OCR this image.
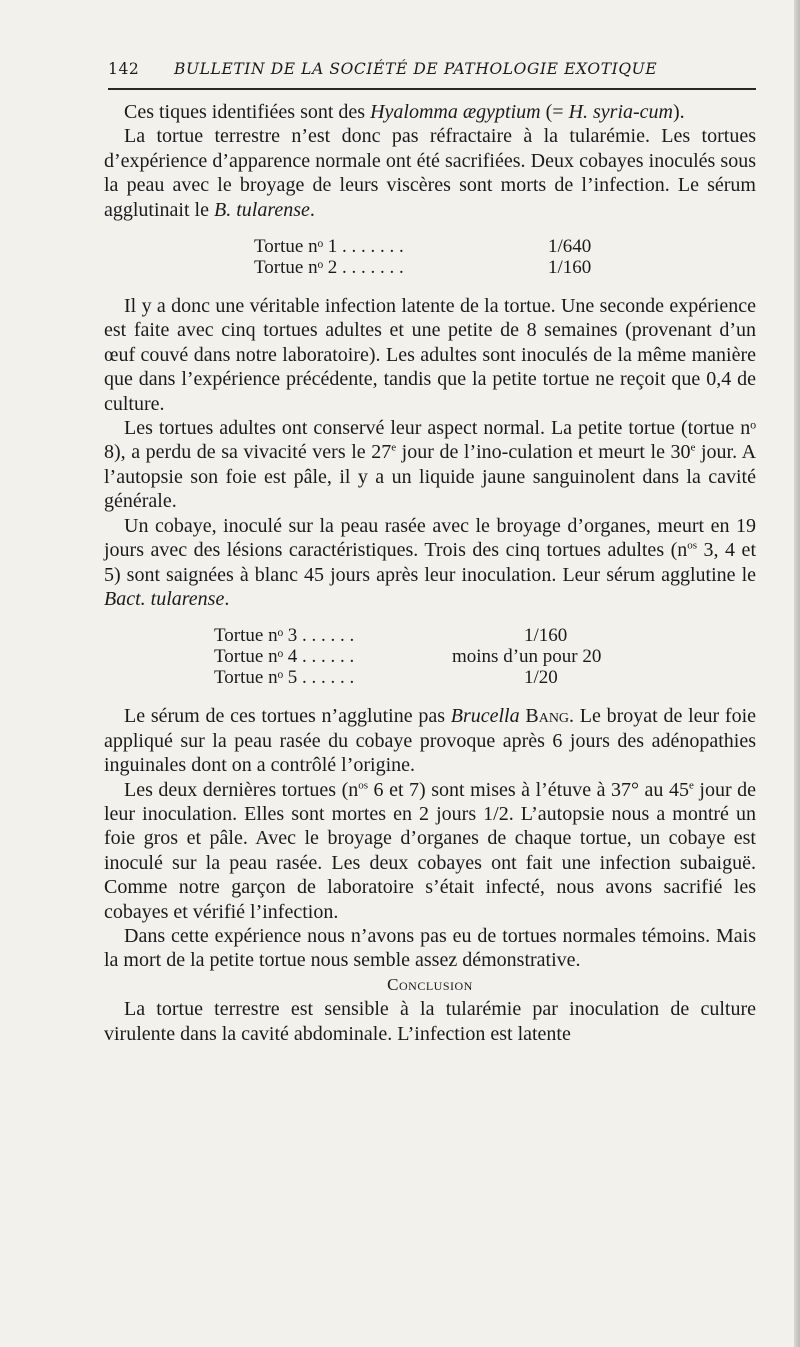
142 BULLETIN DE LA SOCIÉTÉ DE PATHOLOGIE EXOTIQUE

Ces tiques identifiées sont des Hyalomma ægyptium (= H. syria-cum).

La tortue terrestre n’est donc pas réfractaire à la tularémie. Les tortues d’expérience d’apparence normale ont été sacrifiées. Deux cobayes inoculés sous la peau avec le broyage de leurs viscères sont morts de l’infection. Le sérum agglutinait le B. tularense.

Tortue nᵒ 1 . . . . . . .	1/640
Tortue nᵒ 2 . . . . . . .	1/160

Il y a donc une véritable infection latente de la tortue. Une seconde expérience est faite avec cinq tortues adultes et une petite de 8 semaines (provenant d’un œuf couvé dans notre laboratoire). Les adultes sont inoculés de la même manière que dans l’expérience précédente, tandis que la petite tortue ne reçoit que 0,4 de culture.

Les tortues adultes ont conservé leur aspect normal. La petite tortue (tortue nᵒ 8), a perdu de sa vivacité vers le 27e jour de l’ino-culation et meurt le 30e jour. A l’autopsie son foie est pâle, il y a un liquide jaune sanguinolent dans la cavité générale.

Un cobaye, inoculé sur la peau rasée avec le broyage d’organes, meurt en 19 jours avec des lésions caractéristiques. Trois des cinq tortues adultes ($n^{os}$ 3, 4 et 5) sont saignées à blanc 45 jours après leur inoculation. Leur sérum agglutine le Bact. tularense.

Tortue nᵒ 3 . . . . . .	1/160
Tortue nᵒ 4 . . . . . .	moins d’un pour 20
Tortue nᵒ 5 . . . . . .	1/20

Le sérum de ces tortues n’agglutine pas Brucella Bang. Le broyat de leur foie appliqué sur la peau rasée du cobaye provoque après 6 jours des adénopathies inguinales dont on a contrôlé l’origine.

Les deux dernières tortues ($n^{os}$ 6 et 7) sont mises à l’étuve à 37° au 45e jour de leur inoculation. Elles sont mortes en 2 jours 1/2. L’autopsie nous a montré un foie gros et pâle. Avec le broyage d’organes de chaque tortue, un cobaye est inoculé sur la peau rasée. Les deux cobayes ont fait une infection subaiguë. Comme notre garçon de laboratoire s’était infecté, nous avons sacrifié les cobayes et vérifié l’infection.

Dans cette expérience nous n’avons pas eu de tortues normales témoins. Mais la mort de la petite tortue nous semble assez démonstrative.

Conclusion

La tortue terrestre est sensible à la tularémie par inoculation de culture virulente dans la cavité abdominale. L’infection est latente
